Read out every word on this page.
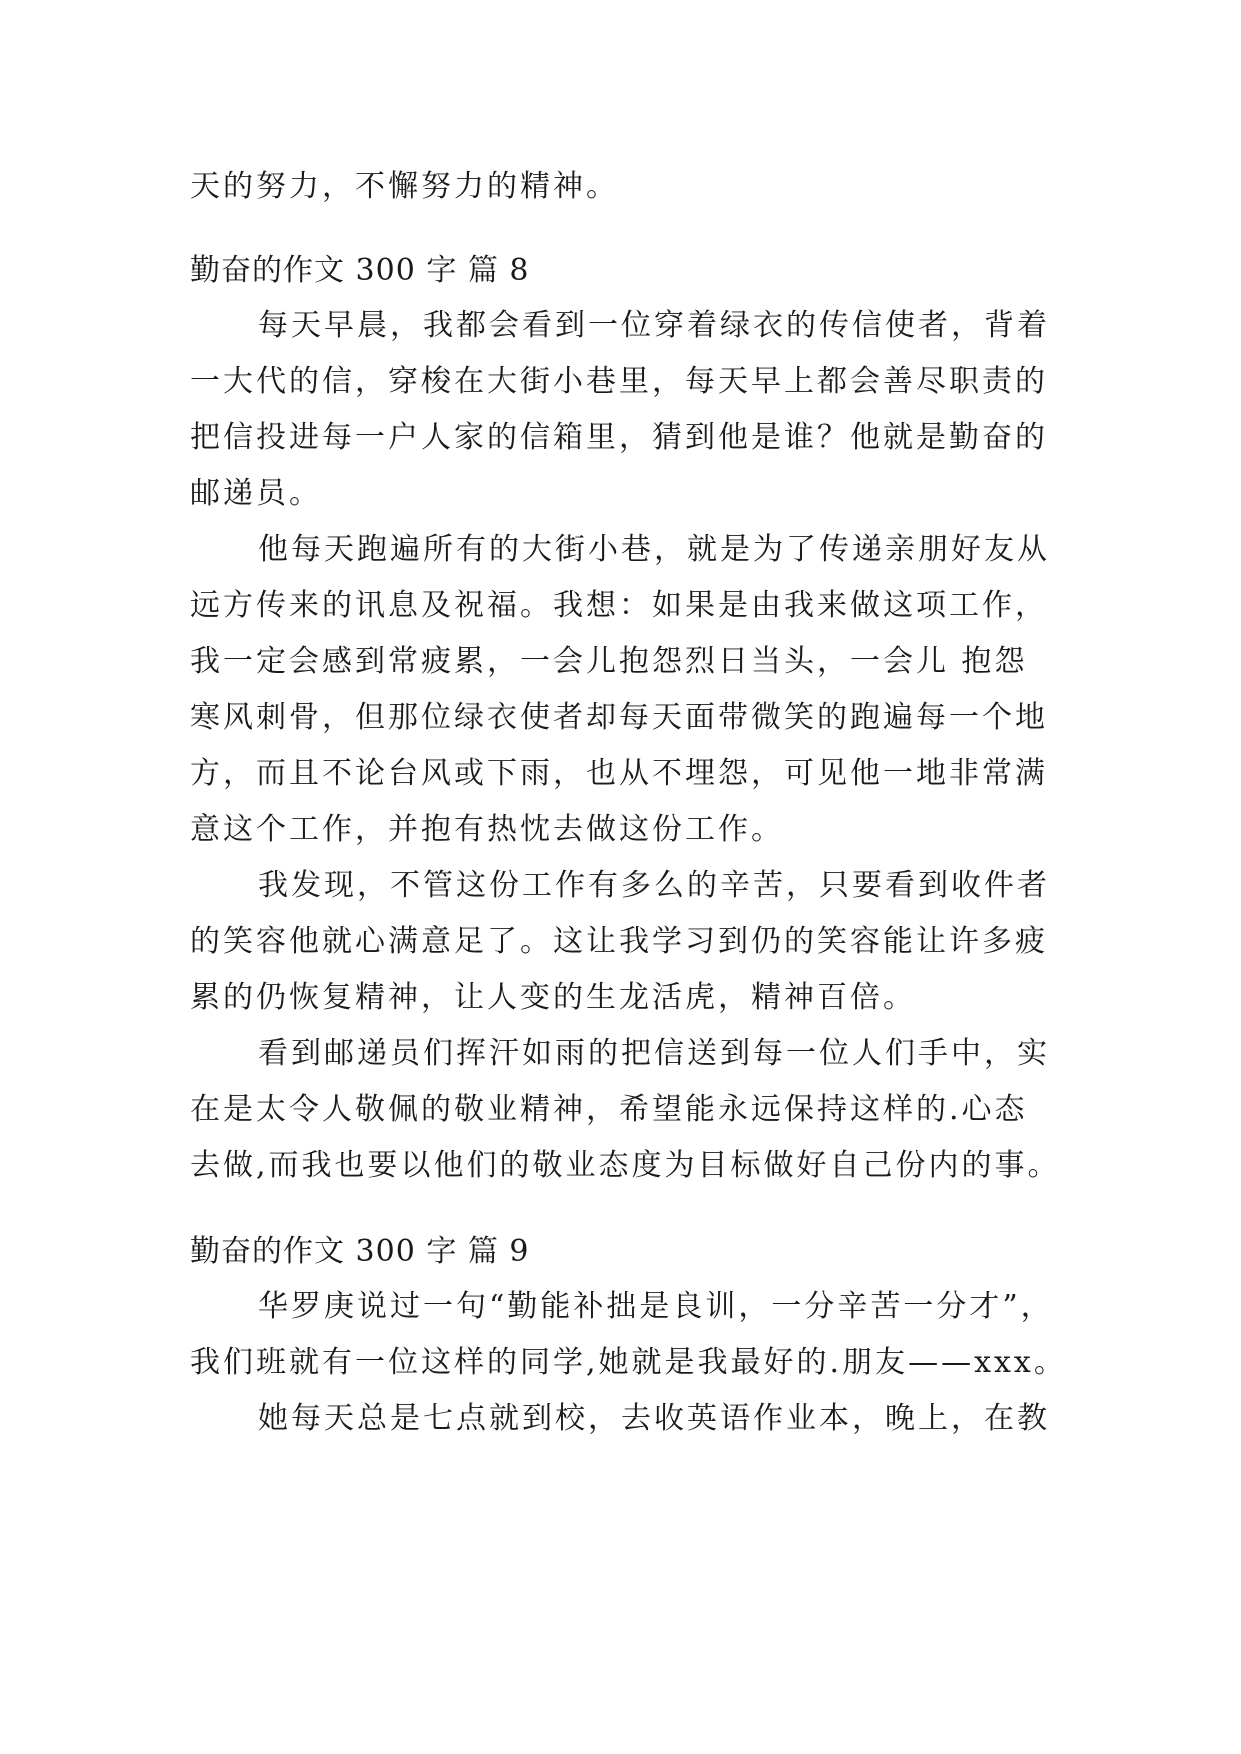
天的努力，不懈努力的精神。
勤奋的作文 300 字 篇 8
每天早晨，我都会看到一位穿着绿衣的传信使者，背着
一大代的信，穿梭在大街小巷里，每天早上都会善尽职责的
把信投进每一户人家的信箱里，猜到他是谁？他就是勤奋的
邮递员。
他每天跑遍所有的大街小巷，就是为了传递亲朋好友从
远方传来的讯息及祝福。我想：如果是由我来做这项工作，
我一定会感到常疲累，一会儿抱怨烈日当头，一会儿 抱怨
寒风刺骨，但那位绿衣使者却每天面带微笑的跑遍每一个地
方，而且不论台风或下雨，也从不埋怨，可见他一地非常满
意这个工作，并抱有热忱去做这份工作。
我发现，不管这份工作有多么的辛苦，只要看到收件者
的笑容他就心满意足了。这让我学习到仍的笑容能让许多疲
累的仍恢复精神，让人变的生龙活虎，精神百倍。
看到邮递员们挥汗如雨的把信送到每一位人们手中，实
在是太令人敬佩的敬业精神，希望能永远保持这样的.心态
去做,而我也要以他们的敬业态度为目标做好自己份内的事。
勤奋的作文 300 字 篇 9
华罗庚说过一句“勤能补拙是良训，一分辛苦一分才”，
我们班就有一位这样的同学,她就是我最好的.朋友——xxx。
她每天总是七点就到校，去收英语作业本，晚上，在教
